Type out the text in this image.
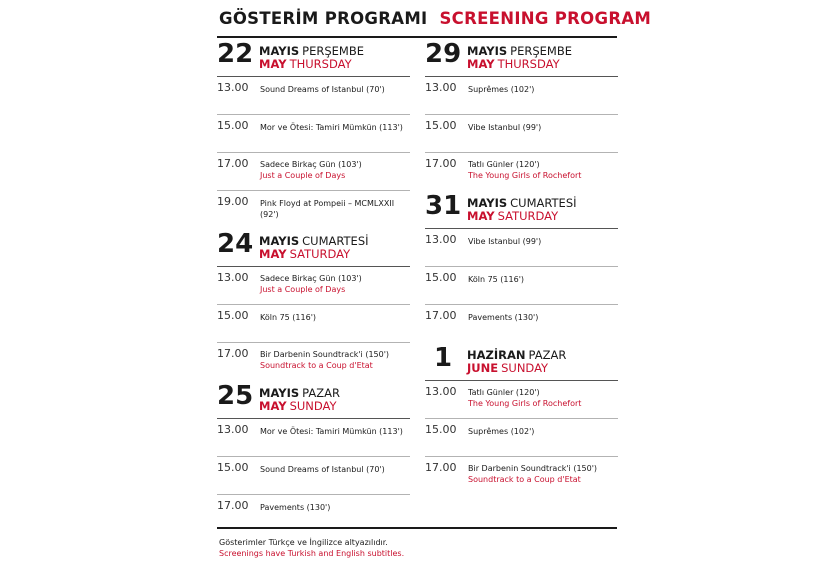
GÖSTERİM PROGRAMI SCREENING PROGRAM
22 MAYIS PERŞEMBE
MAY THURSDAY
13.00 Sound Dreams of Istanbul (70')
15.00 Mor ve Ötesi: Tamiri Mümkün (113')
17.00 Sadece Birkaç Gün (103')
Just a Couple of Days
19.00 Pink Floyd at Pompeii – MCMLXXII (92')
24 MAYIS CUMARTESİ
MAY SATURDAY
13.00 Sadece Birkaç Gün (103')
Just a Couple of Days
15.00 Köln 75 (116')
17.00 Bir Darbenin Soundtrack'i (150')
Soundtrack to a Coup d'Etat
25 MAYIS PAZAR
MAY SUNDAY
13.00 Mor ve Ötesi: Tamiri Mümkün (113')
15.00 Sound Dreams of Istanbul (70')
17.00 Pavements (130')
29 MAYIS PERŞEMBE
MAY THURSDAY
13.00 Suprêmes (102')
15.00 Vibe Istanbul (99')
17.00 Tatlı Günler (120')
The Young Girls of Rochefort
31 MAYIS CUMARTESİ
MAY SATURDAY
13.00 Vibe Istanbul (99')
15.00 Köln 75 (116')
17.00 Pavements (130')
1	HAZİRAN PAZAR
JUNE SUNDAY
13.00 Tatlı Günler (120')
The Young Girls of Rochefort
15.00 Suprêmes (102')
17.00 Bir Darbenin Soundtrack'i (150')
Soundtrack to a Coup d'Etat
Gösterimler Türkçe ve İngilizce altyazılıdır.
Screenings have Turkish and English subtitles.
